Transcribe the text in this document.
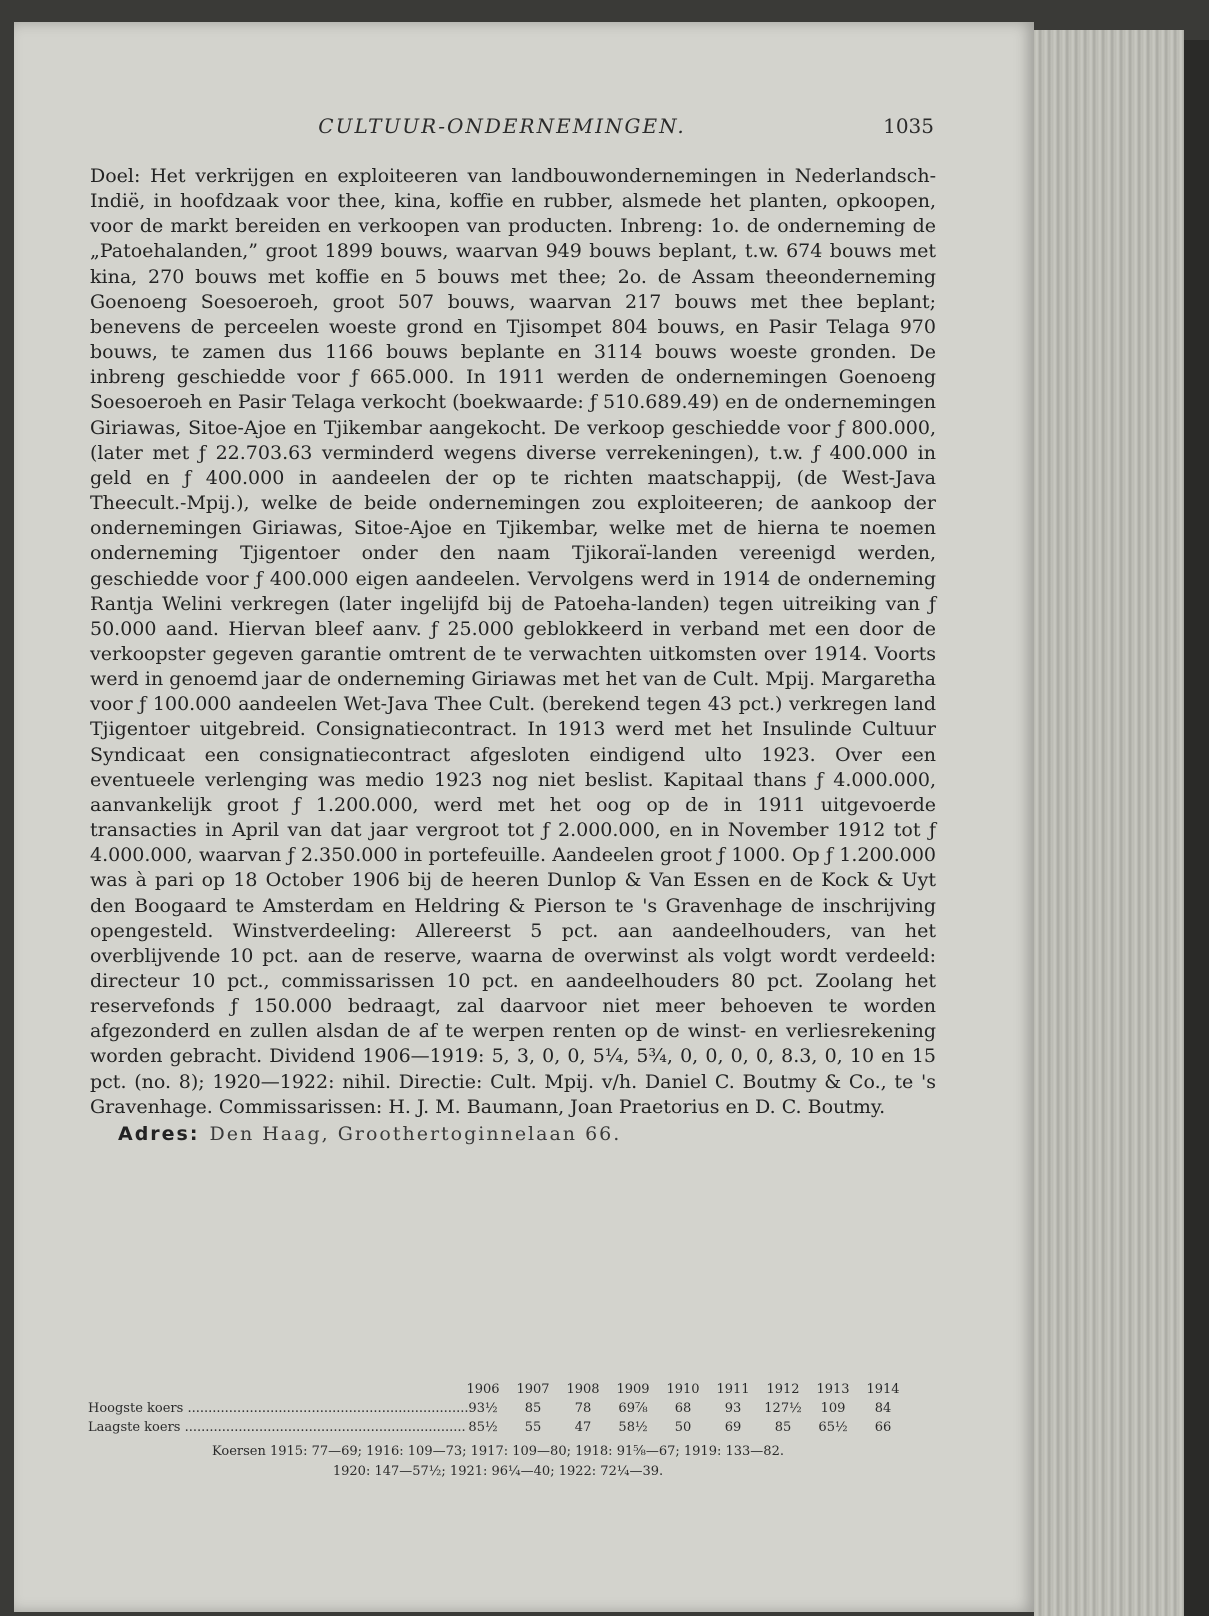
CULTUUR-ONDERNEMINGEN.	1035

Doel: Het verkrijgen en exploiteeren van landbouwondernemingen in Nederlandsch-Indië, in hoofdzaak voor thee, kina, koffie en rubber, alsmede het planten, opkoopen, voor de markt bereiden en verkoopen van producten. Inbreng: 1o. de onderneming de „Patoehalanden,” groot 1899 bouws, waarvan 949 bouws beplant, t.w. 674 bouws met kina, 270 bouws met koffie en 5 bouws met thee; 2o. de Assam theeonderneming Goenoeng Soesoeroeh, groot 507 bouws, waarvan 217 bouws met thee beplant; benevens de perceelen woeste grond en Tjisompet 804 bouws, en Pasir Telaga 970 bouws, te zamen dus 1166 bouws beplante en 3114 bouws woeste gronden. De inbreng geschiedde voor ƒ 665.000. In 1911 werden de ondernemingen Goenoeng Soesoeroeh en Pasir Telaga verkocht (boekwaarde: ƒ 510.689.49) en de ondernemingen Giriawas, Sitoe-Ajoe en Tjikembar aangekocht. De verkoop geschiedde voor ƒ 800.000, (later met ƒ 22.703.63 verminderd wegens diverse verrekeningen), t.w. ƒ 400.000 in geld en ƒ 400.000 in aandeelen der op te richten maatschappij, (de West-Java Theecult.-Mpij.), welke de beide ondernemingen zou exploiteeren; de aankoop der ondernemingen Giriawas, Sitoe-Ajoe en Tjikembar, welke met de hierna te noemen onderneming Tjigentoer onder den naam Tjikoraï-landen vereenigd werden, geschiedde voor ƒ 400.000 eigen aandeelen. Vervolgens werd in 1914 de onderneming Rantja Welini verkregen (later ingelijfd bij de Patoeha-landen) tegen uitreiking van ƒ 50.000 aand. Hiervan bleef aanv. ƒ 25.000 geblokkeerd in verband met een door de verkoopster gegeven garantie omtrent de te verwachten uitkomsten over 1914. Voorts werd in genoemd jaar de onderneming Giriawas met het van de Cult. Mpij. Margaretha voor ƒ 100.000 aandeelen Wet-Java Thee Cult. (berekend tegen 43 pct.) verkregen land Tjigentoer uitgebreid. Consignatiecontract. In 1913 werd met het Insulinde Cultuur Syndicaat een consignatiecontract afgesloten eindigend ulto 1923. Over een eventueele verlenging was medio 1923 nog niet beslist. Kapitaal thans ƒ 4.000.000, aanvankelijk groot ƒ 1.200.000, werd met het oog op de in 1911 uitgevoerde transacties in April van dat jaar vergroot tot ƒ 2.000.000, en in November 1912 tot ƒ 4.000.000, waarvan ƒ 2.350.000 in portefeuille. Aandeelen groot ƒ 1000. Op ƒ 1.200.000 was à pari op 18 October 1906 bij de heeren Dunlop & Van Essen en de Kock & Uyt den Boogaard te Amsterdam en Heldring & Pierson te 's Gravenhage de inschrijving opengesteld. Winstverdeeling: Allereerst 5 pct. aan aandeelhouders, van het overblijvende 10 pct. aan de reserve, waarna de overwinst als volgt wordt verdeeld: directeur 10 pct., commissarissen 10 pct. en aandeelhouders 80 pct. Zoolang het reservefonds ƒ 150.000 bedraagt, zal daarvoor niet meer behoeven te worden afgezonderd en zullen alsdan de af te werpen renten op de winst- en verliesrekening worden gebracht. Dividend 1906—1919: 5, 3, 0, 0, 5¼, 5¾, 0, 0, 0, 0, 8.3, 0, 10 en 15 pct. (no. 8); 1920—1922: nihil. Directie: Cult. Mpij. v/h. Daniel C. Boutmy & Co., te 's Gravenhage. Commissarissen: H. J. M. Baumann, Joan Praetorius en D. C. Boutmy.

Adres: Den Haag, Groothertoginnelaan 66.
	1906	1907	1908	1909	1910	1911	1912	1913	1914
Hoogste koers ....................................................................	93½	85	78	69⅞	68	93	127½	109	84
Laagste koers ....................................................................	85½	55	47	58½	50	69	85	65½	66
Koersen 1915: 77—69; 1916: 109—73; 1917: 109—80; 1918: 91⅝—67; 1919: 133—82.
1920: 147—57½; 1921: 96¼—40; 1922: 72¼—39.
